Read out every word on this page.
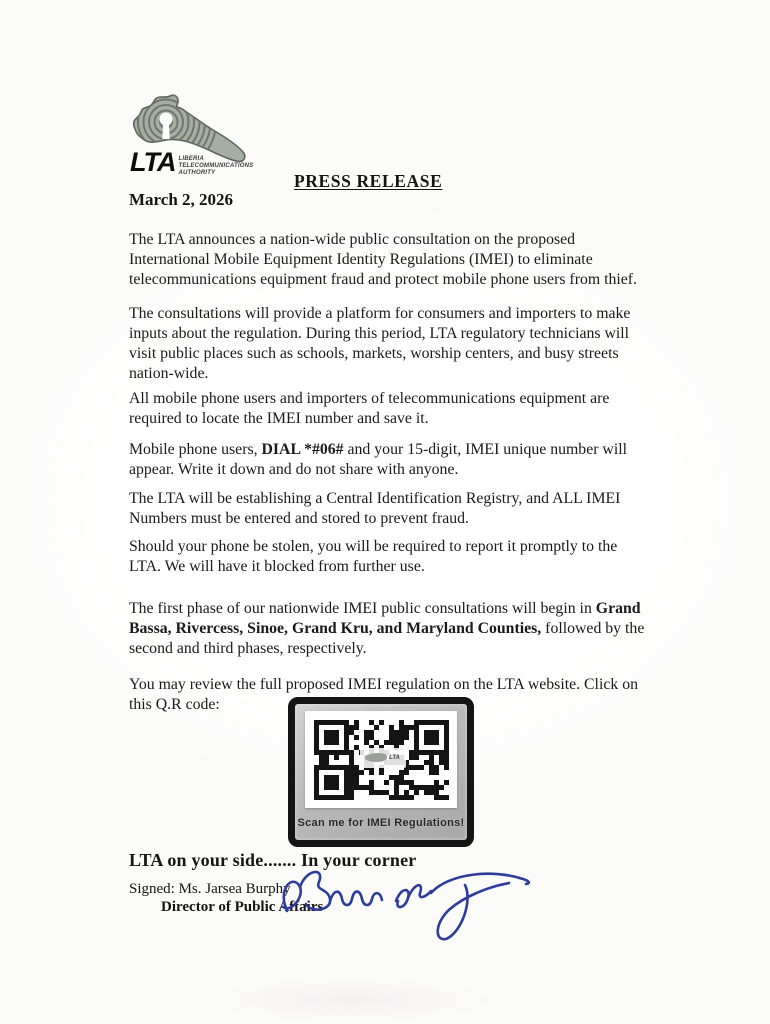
LTA LIBERIA
TELECOMMUNICATIONS
AUTHORITY	PRESS RELEASE
March 2, 2026

The LTA announces a nation-wide public consultation on the proposed International Mobile Equipment Identity Regulations (IMEI) to eliminate telecommunications equipment fraud and protect mobile phone users from thief.

The consultations will provide a platform for consumers and importers to make inputs about the regulation. During this period, LTA regulatory technicians will visit public places such as schools, markets, worship centers, and busy streets nation-wide.

All mobile phone users and importers of telecommunications equipment are required to locate the IMEI number and save it.

Mobile phone users, DIAL *#06# and your 15-digit, IMEI unique number will appear. Write it down and do not share with anyone.

The LTA will be establishing a Central Identification Registry, and ALL IMEI Numbers must be entered and stored to prevent fraud.

Should your phone be stolen, you will be required to report it promptly to the LTA. We will have it blocked from further use.

The first phase of our nationwide IMEI public consultations will begin in Grand Bassa, Rivercess, Sinoe, Grand Kru, and Maryland Counties, followed by the second and third phases, respectively.

You may review the full proposed IMEI regulation on the LTA website. Click on this Q.R code:

LTA
Scan me for IMEI Regulations!
LTA on your side....... In your corner
Signed: Ms. Jarsea Burphy
Director of Public Affairs
